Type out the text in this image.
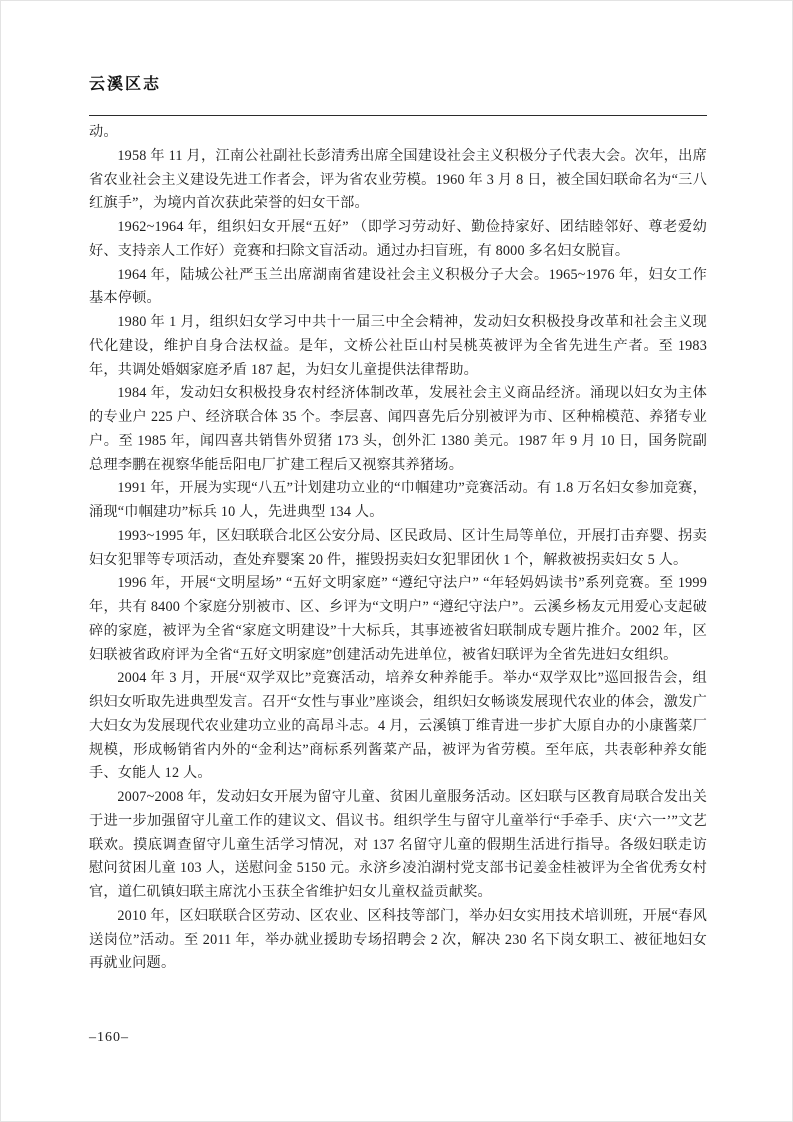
云溪区志

动。

1958 年 11 月，江南公社副社长彭清秀出席全国建设社会主义积极分子代表大会。次年，出席省农业社会主义建设先进工作者会，评为省农业劳模。1960 年 3 月 8 日，被全国妇联命名为“三八红旗手”，为境内首次获此荣誉的妇女干部。

1962~1964 年，组织妇女开展“五好” （即学习劳动好、勤俭持家好、团结睦邻好、尊老爱幼好、支持亲人工作好）竞赛和扫除文盲活动。通过办扫盲班，有 8000 多名妇女脱盲。

1964 年，陆城公社严玉兰出席湖南省建设社会主义积极分子大会。1965~1976 年，妇女工作基本停顿。

1980 年 1 月，组织妇女学习中共十一届三中全会精神，发动妇女积极投身改革和社会主义现代化建设，维护自身合法权益。是年，文桥公社臣山村吴桃英被评为全省先进生产者。至 1983 年，共调处婚姻家庭矛盾 187 起，为妇女儿童提供法律帮助。

1984 年，发动妇女积极投身农村经济体制改革，发展社会主义商品经济。涌现以妇女为主体的专业户 225 户、经济联合体 35 个。李层喜、闻四喜先后分别被评为市、区种棉模范、养猪专业户。至 1985 年，闻四喜共销售外贸猪 173 头，创外汇 1380 美元。1987 年 9 月 10 日，国务院副总理李鹏在视察华能岳阳电厂扩建工程后又视察其养猪场。

1991 年，开展为实现“八五”计划建功立业的“巾帼建功”竞赛活动。有 1.8 万名妇女参加竞赛，涌现“巾帼建功”标兵 10 人，先进典型 134 人。

1993~1995 年，区妇联联合北区公安分局、区民政局、区计生局等单位，开展打击弃婴、拐卖妇女犯罪等专项活动，查处弃婴案 20 件，摧毁拐卖妇女犯罪团伙 1 个，解救被拐卖妇女 5 人。

1996 年，开展“文明屋场” “五好文明家庭” “遵纪守法户” “年轻妈妈读书”系列竞赛。至 1999 年，共有 8400 个家庭分别被市、区、乡评为“文明户” “遵纪守法户”。云溪乡杨友元用爱心支起破碎的家庭，被评为全省“家庭文明建设”十大标兵，其事迹被省妇联制成专题片推介。2002 年，区妇联被省政府评为全省“五好文明家庭”创建活动先进单位，被省妇联评为全省先进妇女组织。

2004 年 3 月，开展“双学双比”竞赛活动，培养女种养能手。举办“双学双比”巡回报告会，组织妇女听取先进典型发言。召开“女性与事业”座谈会，组织妇女畅谈发展现代农业的体会，激发广大妇女为发展现代农业建功立业的高昂斗志。4 月，云溪镇丁维青进一步扩大原自办的小康酱菜厂规模，形成畅销省内外的“金利达”商标系列酱菜产品，被评为省劳模。至年底，共表彰种养女能手、女能人 12 人。

2007~2008 年，发动妇女开展为留守儿童、贫困儿童服务活动。区妇联与区教育局联合发出关于进一步加强留守儿童工作的建议文、倡议书。组织学生与留守儿童举行“手牵手、庆‘六一’”文艺联欢。摸底调查留守儿童生活学习情况，对 137 名留守儿童的假期生活进行指导。各级妇联走访慰问贫困儿童 103 人，送慰问金 5150 元。永济乡凌泊湖村党支部书记姜金桂被评为全省优秀女村官，道仁矶镇妇联主席沈小玉获全省维护妇女儿童权益贡献奖。

2010 年，区妇联联合区劳动、区农业、区科技等部门，举办妇女实用技术培训班，开展“春风送岗位”活动。至 2011 年，举办就业援助专场招聘会 2 次，解决 230 名下岗女职工、被征地妇女再就业问题。

–160–
